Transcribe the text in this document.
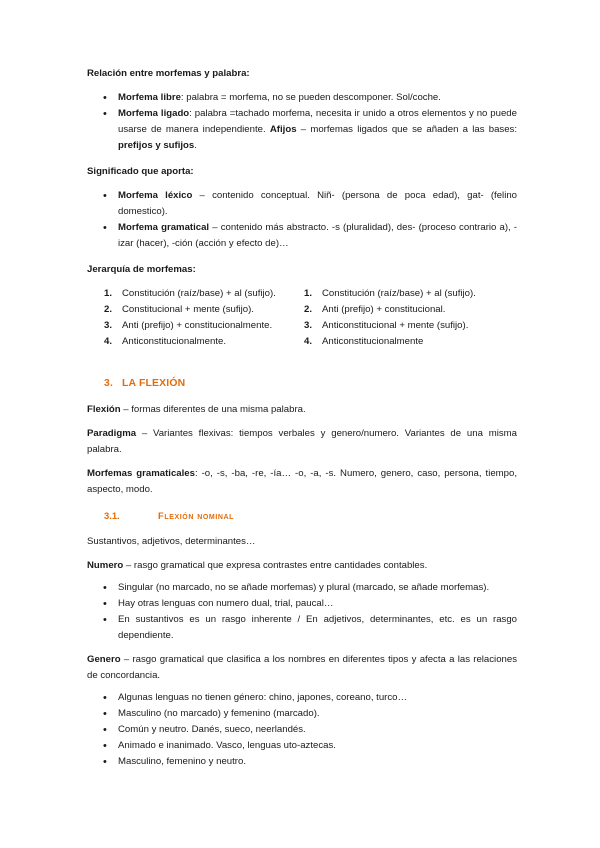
Relación entre morfemas y palabra:

• Morfema libre: palabra = morfema, no se pueden descomponer. Sol/coche.
• Morfema ligado: palabra =tachado morfema, necesita ir unido a otros elementos y no puede usarse de manera independiente. Afijos – morfemas ligados que se añaden a las bases: prefijos y sufijos.

Significado que aporta:

• Morfema léxico – contenido conceptual. Niñ- (persona de poca edad), gat- (felino domestico).
• Morfema gramatical – contenido más abstracto. -s (pluralidad), des- (proceso contrario a), -izar (hacer), -ción (acción y efecto de)…

Jerarquía de morfemas:

1. Constitución (raíz/base) + al (sufijo).
2. Constitucional + mente (sufijo).
3. Anti (prefijo) + constitucionalmente.
4. Anticonstitucionalmente.
1. Constitución (raíz/base) + al (sufijo).
2. Anti (prefijo) + constitucional.
3. Anticonstitucional + mente (sufijo).
4. Anticonstitucionalmente

3. LA FLEXIÓN

Flexión – formas diferentes de una misma palabra.

Paradigma – Variantes flexivas: tiempos verbales y genero/numero. Variantes de una misma palabra.

Morfemas gramaticales: -o, -s, -ba, -re, -ía… -o, -a, -s. Numero, genero, caso, persona, tiempo, aspecto, modo.

3.1.	Flexión nominal

Sustantivos, adjetivos, determinantes…

Numero – rasgo gramatical que expresa contrastes entre cantidades contables.

• Singular (no marcado, no se añade morfemas) y plural (marcado, se añade morfemas).
• Hay otras lenguas con numero dual, trial, paucal…
• En sustantivos es un rasgo inherente / En adjetivos, determinantes, etc. es un rasgo dependiente.

Genero – rasgo gramatical que clasifica a los nombres en diferentes tipos y afecta a las relaciones de concordancia.

• Algunas lenguas no tienen género: chino, japones, coreano, turco…
• Masculino (no marcado) y femenino (marcado).
• Común y neutro. Danés, sueco, neerlandés.
• Animado e inanimado. Vasco, lenguas uto-aztecas.
• Masculino, femenino y neutro.
